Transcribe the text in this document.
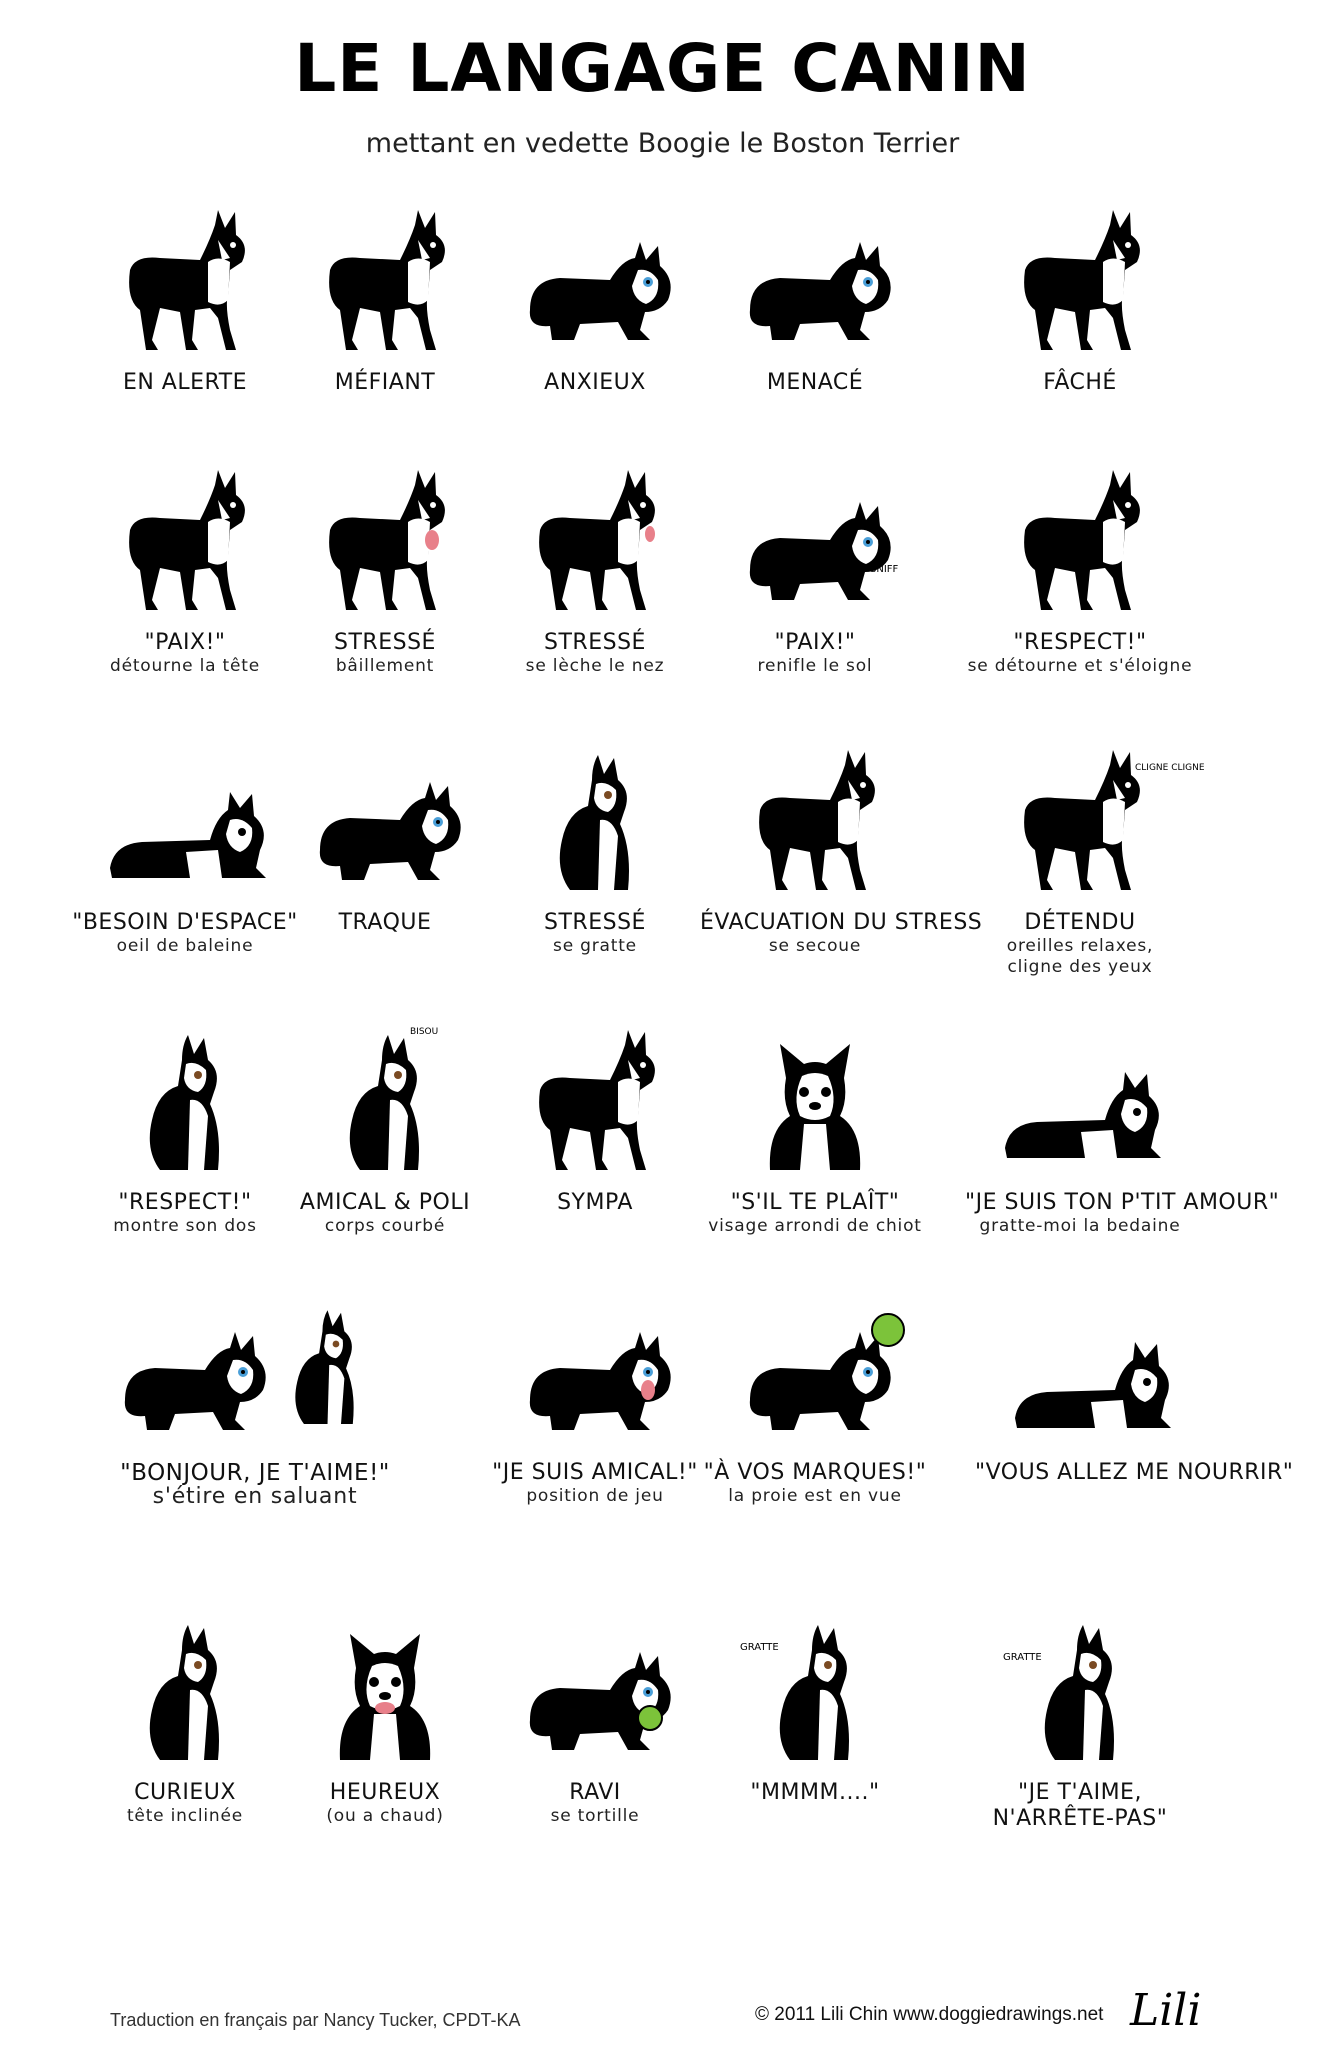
LE LANGAGE CANIN
mettant en vedette Boogie le Boston Terrier
EN ALERTE	MÉFIANT	ANXIEUX	MENACÉ	FÂCHÉ
"PAIX!"
détourne la tête
STRESSÉ
bâillement
STRESSÉ
se lèche le nez
SNIFF
"PAIX!"
renifle le sol
"RESPECT!"
se détourne et s'éloigne
"BESOIN D'ESPACE"
oeil de baleine
TRAQUE	STRESSÉ
se gratte
ÉVACUATION DU STRESS
se secoue
CLIGNE CLIGNE
DÉTENDU
oreilles relaxes,
cligne des yeux
"RESPECT!"
montre son dos
BISOU
AMICAL & POLI
corps courbé
SYMPA	"S'IL TE PLAÎT"
visage arrondi de chiot
"JE SUIS TON P'TIT AMOUR"
gratte-moi la bedaine
"BONJOUR, JE T'AIME!"
s'étire en saluant
"JE SUIS AMICAL!"
position de jeu
"À VOS MARQUES!"
la proie est en vue
"VOUS ALLEZ ME NOURRIR"
CURIEUX
tête inclinée
HEUREUX
(ou a chaud)
RAVI
se tortille
GRATTE
"MMMM...."
GRATTE
"JE T'AIME,
N'ARRÊTE-PAS"
Traduction en français par Nancy Tucker, CPDT-KA	© 2011 Lili Chin www.doggiedrawings.net Lili
